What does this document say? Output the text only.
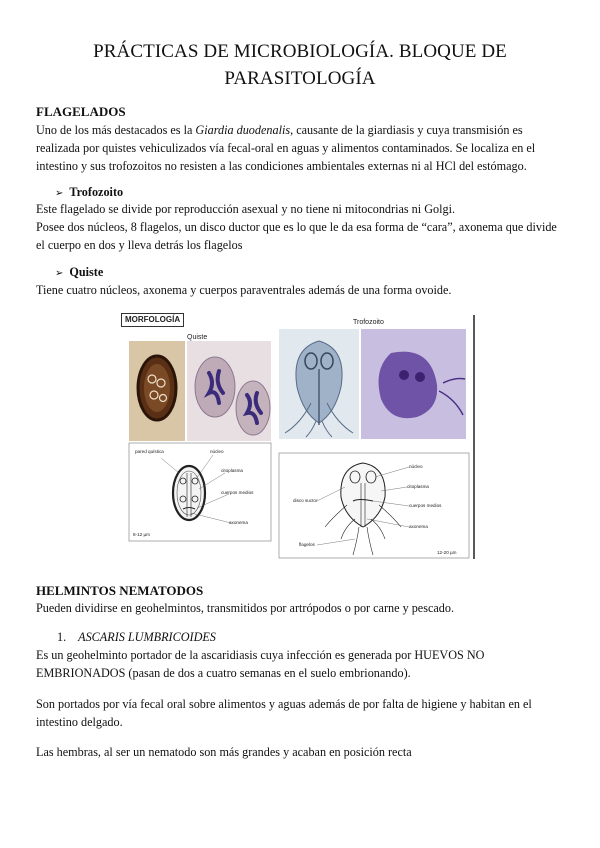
PRÁCTICAS DE MICROBIOLOGÍA. BLOQUE DE PARASITOLOGÍA
FLAGELADOS
Uno de los más destacados es la Giardia duodenalis, causante de la giardiasis y cuya transmisión es realizada por quistes vehiculizados vía fecal-oral en aguas y alimentos contaminados. Se localiza en el intestino y sus trofozoitos no resisten a las condiciones ambientales externas ni al HCl del estómago.
➢ Trofozoito
Este flagelado se divide por reproducción asexual y no tiene ni mitocondrias ni Golgi.
Posee dos núcleos, 8 flagelos, un disco ductor que es lo que le da esa forma de “cara”, axonema que divide el cuerpo en dos y lleva detrás los flagelos
➢ Quiste
Tiene cuatro núcleos, axonema y cuerpos paraventrales además de una forma ovoide.
MORFOLOGÍA
Quiste
Trofozoito
pared quística	núcleo
citoplasma
cuerpos medios
axonema
8-12 µm
núcleo
citoplasma
cuerpos medios
disco suctor
axonema
flagelos
12-20 µm
HELMINTOS NEMATODOS
Pueden dividirse en geohelmintos, transmitidos por artrópodos o por carne y pescado.
1. ASCARIS LUMBRICOIDES
Es un geohelminto portador de la ascaridiasis cuya infección es generada por HUEVOS NO EMBRIONADOS (pasan de dos a cuatro semanas en el suelo embrionando).
Son portados por vía fecal oral sobre alimentos y aguas además de por falta de higiene y habitan en el intestino delgado.
Las hembras, al ser un nematodo son más grandes y acaban en posición recta
